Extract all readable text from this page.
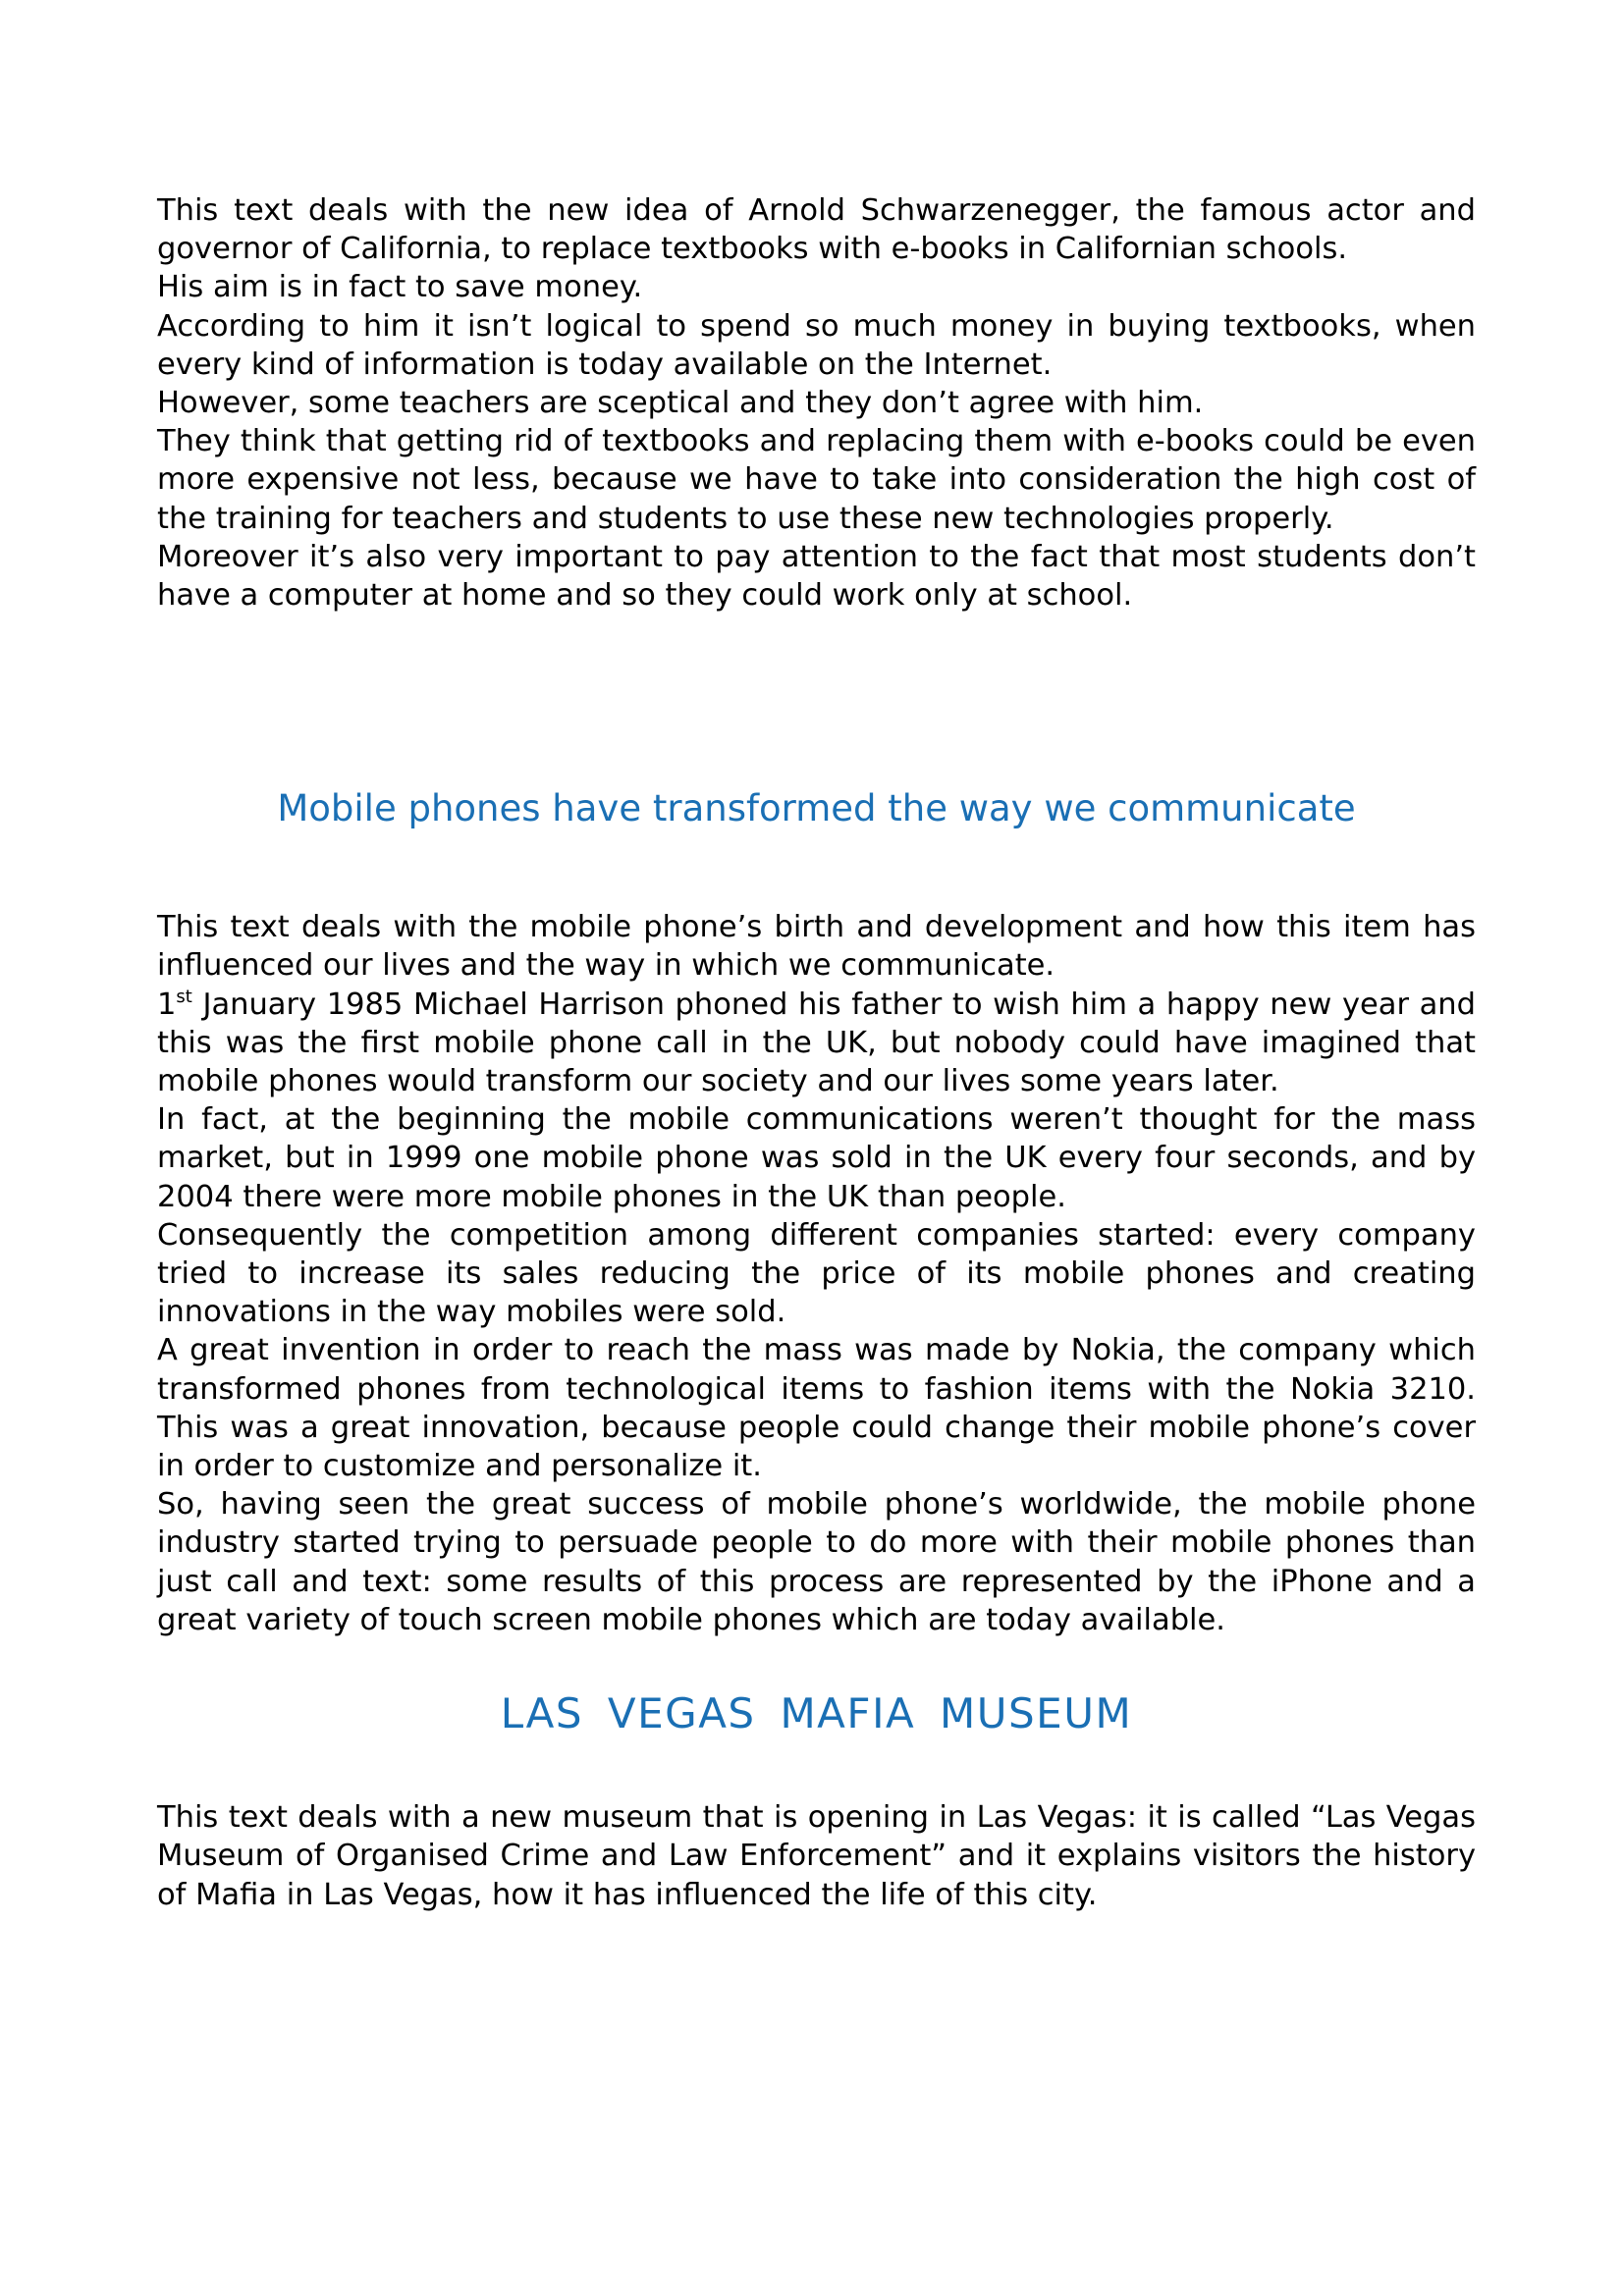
This text deals with the new idea of Arnold Schwarzenegger, the famous actor and governor of California, to replace textbooks with e-books in Californian schools.

His aim is in fact to save money.

According to him it isn’t logical to spend so much money in buying textbooks, when every kind of information is today available on the Internet.

However, some teachers are sceptical and they don’t agree with him.

They think that getting rid of textbooks and replacing them with e-books could be even more expensive not less, because we have to take into consideration the high cost of the training for teachers and students to use these new technologies properly.

Moreover it’s also very important to pay attention to the fact that most students don’t have a computer at home and so they could work only at school.

Mobile phones have transformed the way we communicate

This text deals with the mobile phone’s birth and development and how this item has influenced our lives and the way in which we communicate.

1st January 1985 Michael Harrison phoned his father to wish him a happy new year and this was the first mobile phone call in the UK, but nobody could have imagined that mobile phones would transform our society and our lives some years later.

In fact, at the beginning the mobile communications weren’t thought for the mass market, but in 1999 one mobile phone was sold in the UK every four seconds, and by 2004 there were more mobile phones in the UK than people.

Consequently the competition among different companies started: every company tried to increase its sales reducing the price of its mobile phones and creating innovations in the way mobiles were sold.

A great invention in order to reach the mass was made by Nokia, the company which transformed phones from technological items to fashion items with the Nokia 3210. This was a great innovation, because people could change their mobile phone’s cover in order to customize and personalize it.

So, having seen the great success of mobile phone’s worldwide, the mobile phone industry started trying to persuade people to do more with their mobile phones than just call and text: some results of this process are represented by the iPhone and a great variety of touch screen mobile phones which are today available.

LAS VEGAS MAFIA MUSEUM

This text deals with a new museum that is opening in Las Vegas: it is called “Las Vegas Museum of Organised Crime and Law Enforcement” and it explains visitors the history of Mafia in Las Vegas, how it has influenced the life of this city.
